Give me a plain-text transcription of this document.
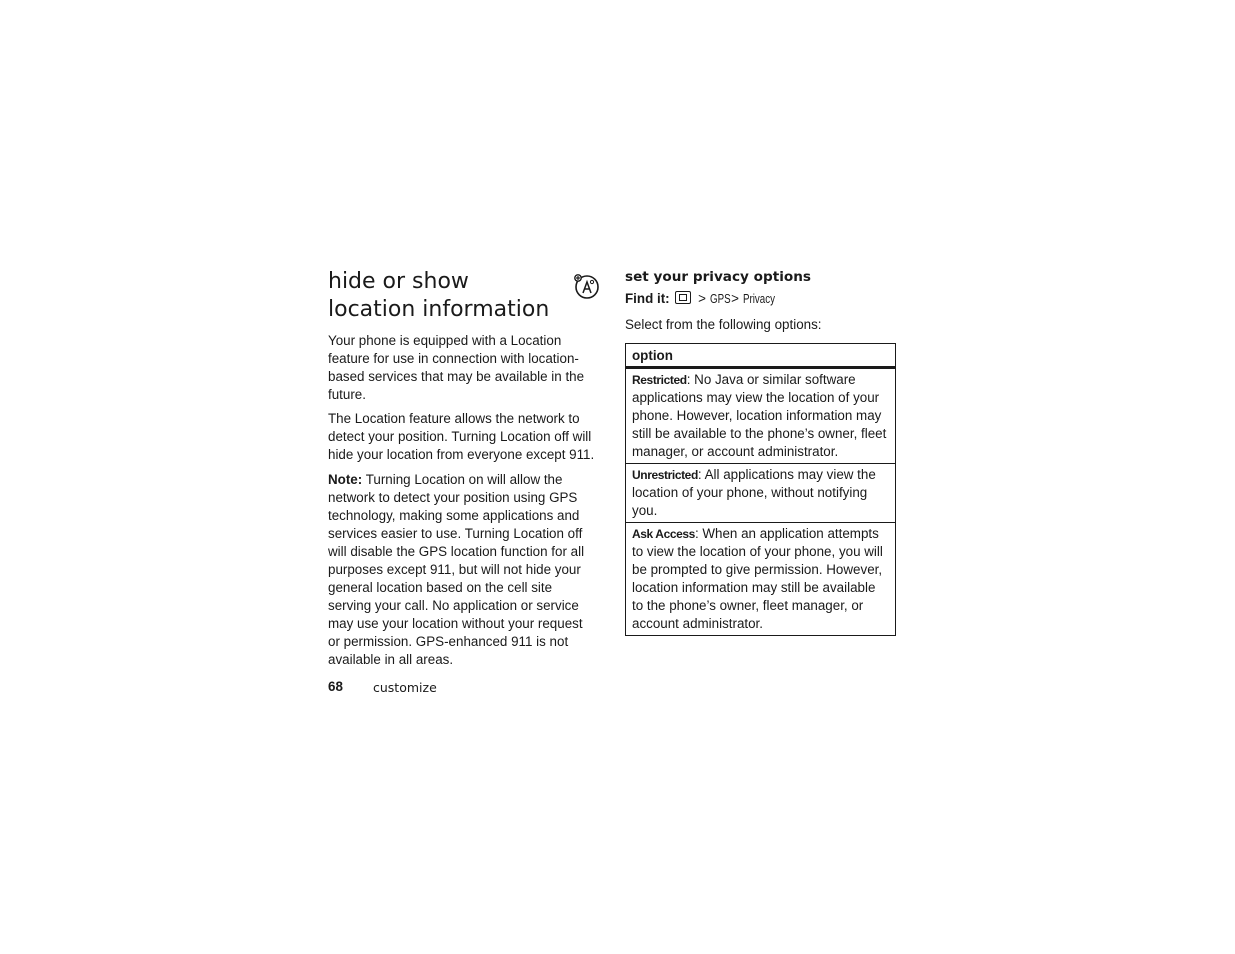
hide or show
location information

Your phone is equipped with a Location feature for use in connection with location-based services that may be available in the future.

The Location feature allows the network to detect your position. Turning Location off will hide your location from everyone except 911.

Note: Turning Location on will allow the network to detect your position using GPS technology, making some applications and services easier to use. Turning Location off will disable the GPS location function for all purposes except 911, but will not hide your general location based on the cell site serving your call. No application or service may use your location without your request or permission. GPS-enhanced 911 is not available in all areas.

68 customize
set your privacy options
Find it: > GPS> Privacy
Select from the following options:
option
Restricted: No Java or similar software applications may view the location of your phone. However, location information may still be available to the phone’s owner, fleet manager, or account administrator.
Unrestricted: All applications may view the location of your phone, without notifying you.
Ask Access: When an application attempts to view the location of your phone, you will be prompted to give permission. However, location information may still be available to the phone’s owner, fleet manager, or account administrator.
